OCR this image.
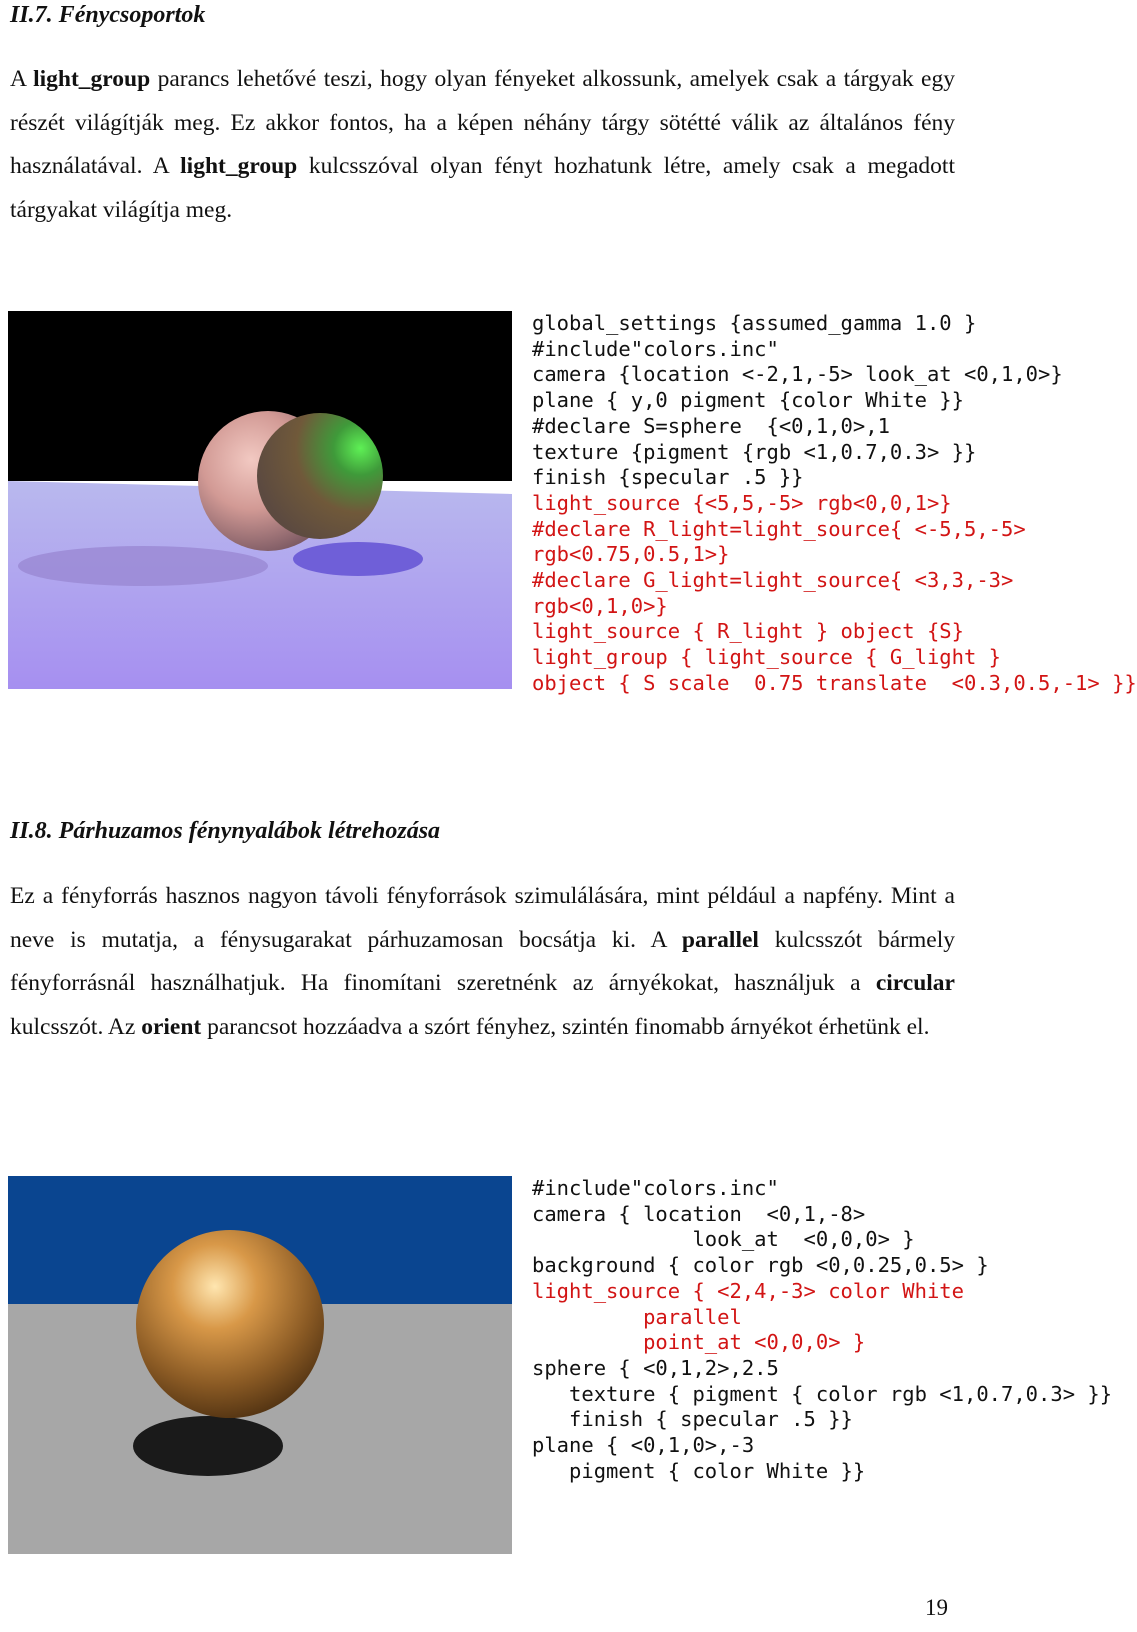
II.7. Fénycsoportok

A light_group parancs lehetővé teszi, hogy olyan fényeket alkossunk, amelyek csak a tárgyak egy részét világítják meg. Ez akkor fontos, ha a képen néhány tárgy sötétté válik az általános fény használatával. A light_group kulcsszóval olyan fényt hozhatunk létre, amely csak a megadott tárgyakat világítja meg.

global_settings {assumed_gamma 1.0 }
#include"colors.inc"
camera {location <-2,1,-5> look_at <0,1,0>}
plane { y,0 pigment {color White }}
#declare S=sphere  {<0,1,0>,1
texture {pigment {rgb <1,0.7,0.3> }}
finish {specular .5 }}
light_source {<5,5,-5> rgb<0,0,1>}
#declare R_light=light_source{ <-5,5,-5>
rgb<0.75,0.5,1>}
#declare G_light=light_source{ <3,3,-3>
rgb<0,1,0>}
light_source { R_light } object {S}
light_group { light_source { G_light }
object { S scale  0.75 translate  <0.3,0.5,-1> }}
II.8. Párhuzamos fénynyalábok létrehozása

Ez a fényforrás hasznos nagyon távoli fényforrások szimulálására, mint például a napfény. Mint a neve is mutatja, a fénysugarakat párhuzamosan bocsátja ki. A parallel kulcsszót bármely fényforrásnál használhatjuk. Ha finomítani szeretnénk az árnyékokat, használjuk a circular kulcsszót. Az orient parancsot hozzáadva a szórt fényhez, szintén finomabb árnyékot érhetünk el.

#include"colors.inc"
camera { location  <0,1,-8>
look_at  <0,0,0> }
background { color rgb <0,0.25,0.5> }
light_source { <2,4,-3> color White
parallel
point_at <0,0,0> }
sphere { <0,1,2>,2.5
texture { pigment { color rgb <1,0.7,0.3> }}
finish { specular .5 }}
plane { <0,1,0>,-3
pigment { color White }}
19
